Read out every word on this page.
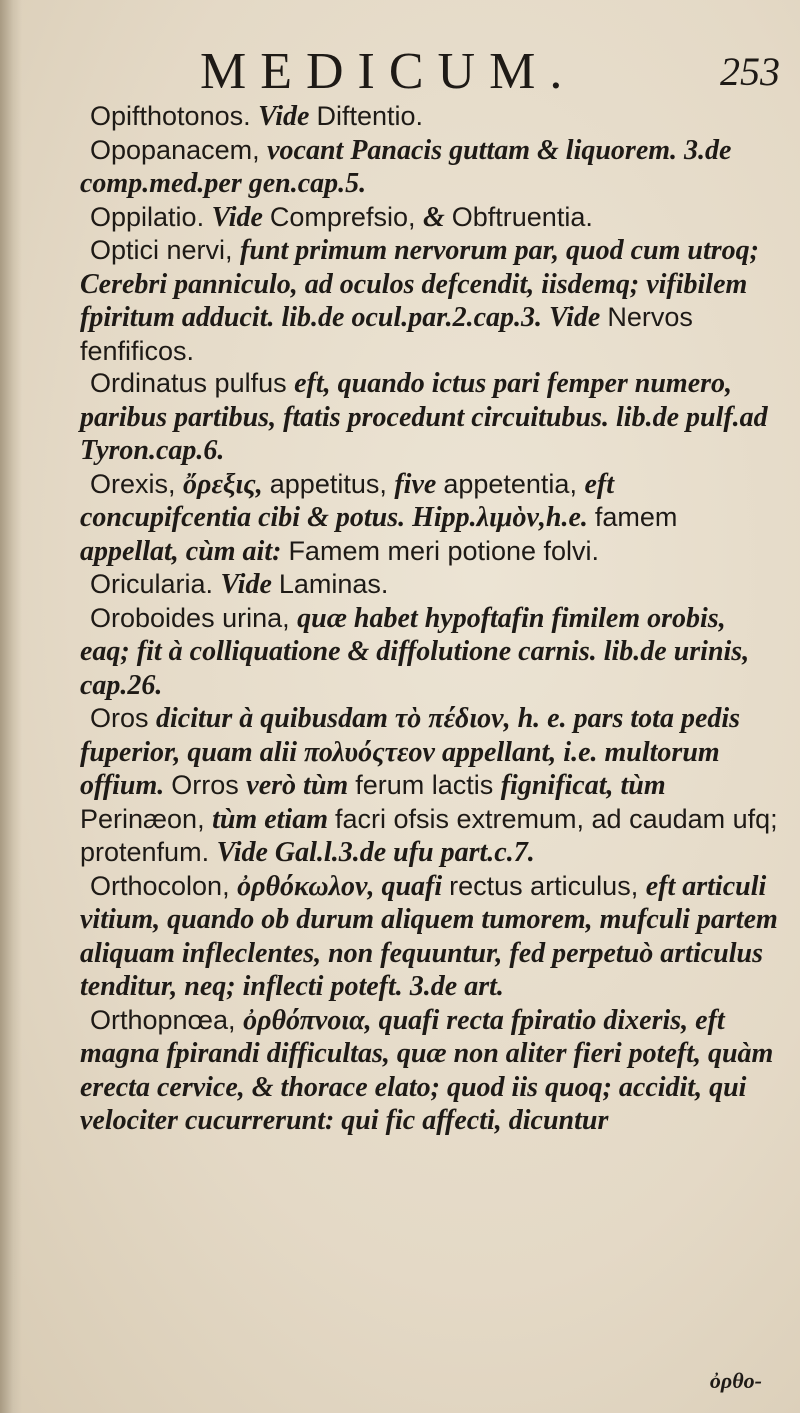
MEDICUM.	253

Opifthotonos. Vide Diftentio.

Opopanacem, vocant Panacis guttam & liquorem. 3.de comp.med.per gen.cap.5.

Oppilatio. Vide Comprefsio, & Obftruentia.

Optici nervi, funt primum nervorum par, quod cum utroq; Cerebri panniculo, ad oculos defcendit, iisdemq; vifibilem fpiritum adducit. lib.de ocul.par.2.cap.3. Vide Nervos fenfificos.

Ordinatus pulfus eft, quando ictus pari femper numero, paribus partibus, ftatis procedunt circuitubus. lib.de pulf.ad Tyron.cap.6.

Orexis, ὄρεξις, appetitus, five appetentia, eft concupifcentia cibi & potus. Hipp.λιμὸν,h.e. famem appellat, cùm ait: Famem meri potione folvi.

Oricularia. Vide Laminas.

Oroboides urina, quæ habet hypoftafin fimilem orobis, eaq; fit à colliquatione & diffolutione carnis. lib.de urinis, cap.26.

Oros dicitur à quibusdam τὸ πέδιον, h. e. pars tota pedis fuperior, quam alii πολυόςτεον appellant, i.e. multorum offium. Orros verò tùm ferum lactis fignificat, tùm Perinæon, tùm etiam facri ofsis extremum, ad caudam ufq; protenfum. Vide Gal.l.3.de ufu part.c.7.

Orthocolon, ὀρθόκωλον, quafi rectus articulus, eft articuli vitium, quando ob durum aliquem tumorem, mufculi partem aliquam infleclentes, non fequuntur, fed perpetuò articulus tenditur, neq; inflecti poteft. 3.de art.

Orthopnœa, ὀρθόπνοια, quafi recta fpiratio dixeris, eft magna fpirandi difficultas, quæ non aliter fieri poteft, quàm erecta cervice, & thorace elato; quod iis quoq; accidit, qui velociter cucurrerunt: qui fic affecti, dicuntur

ὀρθο-
